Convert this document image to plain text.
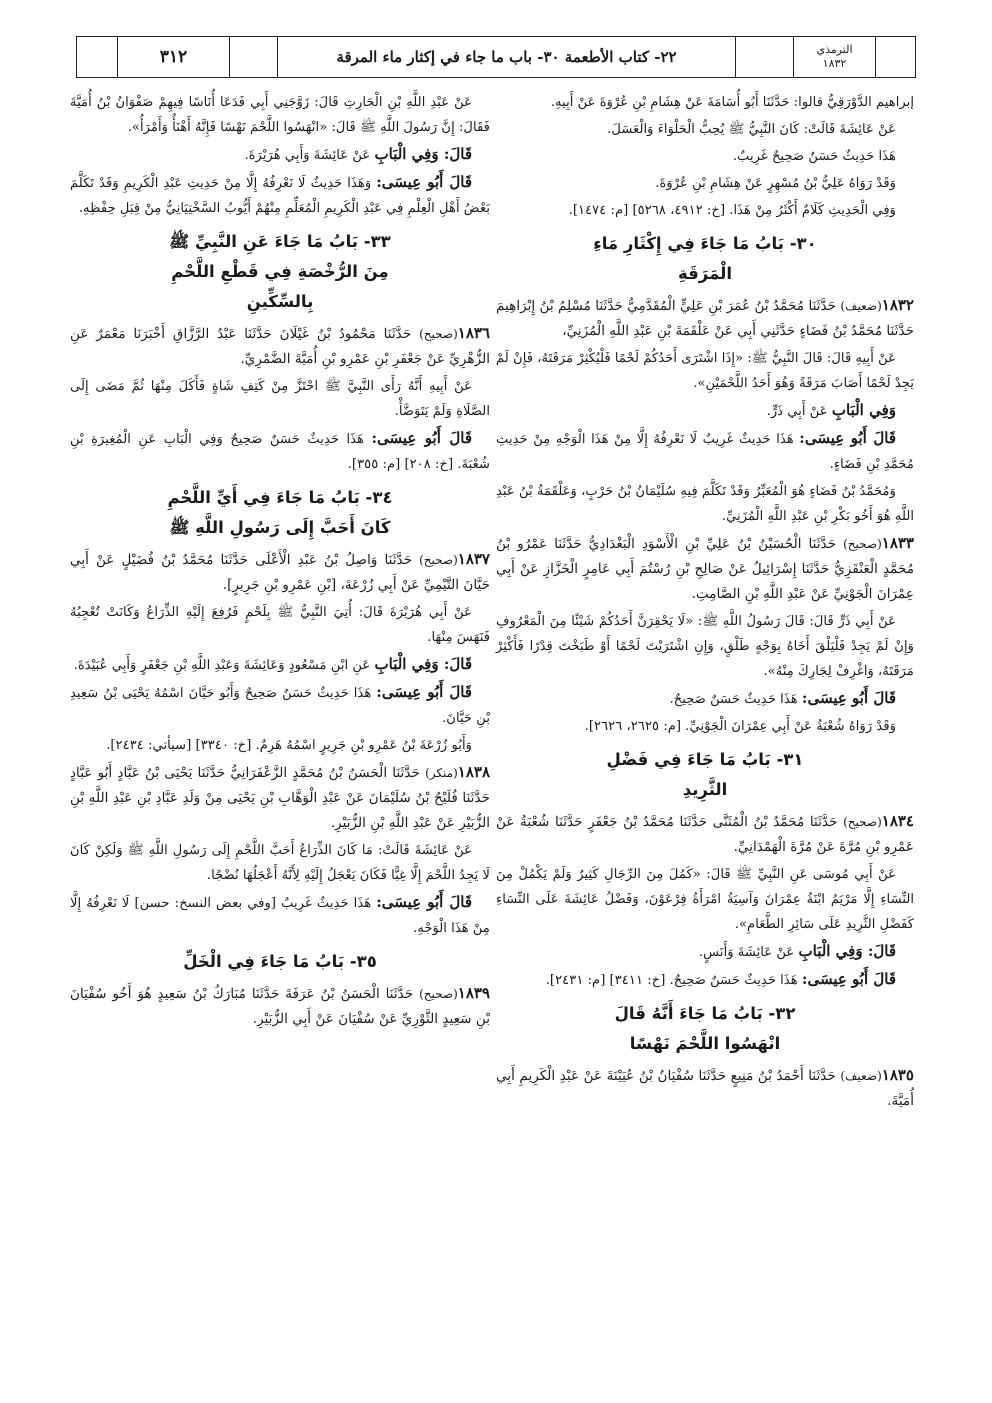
الترمذي
١٨٣٢
٢٢- كتاب الأطعمة ٣٠- باب ما جاء في إكثار ماء المرقة
٣١٢

إبراهيم الدَّوْرَقِيُّ قالوا: حَدَّثَنَا أَبُو أُسَامَةَ عَنْ هِشَامِ بْنِ عُرْوَةَ عَنْ أَبِيهِ.

عَنْ عَائِشَةَ قَالَتْ: كَانَ النَّبِيُّ ﷺ يُحِبُّ الْحَلْوَاءَ وَالْعَسَلَ.

هَذَا حَدِيثٌ حَسَنٌ صَحِيحٌ غَرِيبٌ.

وَقَدْ رَوَاهُ عَلِيُّ بْنُ مُسْهِرٍ عَنْ هِشَامِ بْنِ عُرْوَةَ.

وَفِي الْحَدِيثِ كَلَامٌ أَكْثَرُ مِنْ هَذَا. [خ: ٤٩١٢، ٥٢٦٨] [م: ١٤٧٤].

٣٠- بَابُ مَا جَاءَ فِي إِكْثَارِ مَاءِ
الْمَرَقَةِ

١٨٣٢(ضعيف) حَدَّثَنَا مُحَمَّدُ بْنُ عُمَرَ بْنِ عَلِيٍّ الْمُقَدَّمِيُّ حَدَّثَنَا مُسْلِمُ بْنُ إِبْرَاهِيمَ حَدَّثَنَا مُحَمَّدُ بْنُ فَضَاءٍ حَدَّثَنِي أَبِي عَنْ عَلْقَمَةَ بْنِ عَبْدِ اللَّهِ الْمُزَنِيِّ،

عَنْ أَبِيهِ قَالَ: قَالَ النَّبِيُّ ﷺ: «إِذَا اشْتَرَى أَحَدُكُمْ لَحْمًا فَلْيُكْثِرْ مَرَقَتَهُ، فَإِنْ لَمْ يَجِدْ لَحْمًا أَصَابَ مَرَقَةً وَهُوَ أَحَدُ اللَّحْمَيْنِ».

وَفِي الْبَابِ عَنْ أَبِي ذَرٍّ.

قَالَ أَبُو عِيسَى: هَذَا حَدِيثٌ غَرِيبٌ لَا نَعْرِفُهُ إِلَّا مِنْ هَذَا الْوَجْهِ مِنْ حَدِيثِ مُحَمَّدِ بْنِ فَضَاءٍ.

وَمُحَمَّدُ بْنُ فَضَاءٍ هُوَ الْمُعَبِّرُ وَقَدْ تَكَلَّمَ فِيهِ سُلَيْمَانُ بْنُ حَرْبٍ، وَعَلْقَمَةُ بْنُ عَبْدِ اللَّهِ هُوَ أَخُو بَكْرِ بْنِ عَبْدِ اللَّهِ الْمُزَنِيِّ.

١٨٣٣(صحيح) حَدَّثَنَا الْحُسَيْنُ بْنُ عَلِيِّ بْنِ الْأَسْوَدِ الْبَغْدَادِيُّ حَدَّثَنَا عَمْرُو بْنُ مُحَمَّدٍ الْعَنْقَزِيُّ حَدَّثَنَا إِسْرَائِيلُ عَنْ صَالِحِ بْنِ رُسْتُمَ أَبِي عَامِرٍ الْخَزَّازِ عَنْ أَبِي عِمْرَانَ الْجَوْنِيِّ عَنْ عَبْدِ اللَّهِ بْنِ الصَّامِتِ.

عَنْ أَبِي ذَرٍّ قَالَ: قَالَ رَسُولُ اللَّهِ ﷺ: «لَا يَحْقِرَنَّ أَحَدُكُمْ شَيْئًا مِنَ الْمَعْرُوفِ وَإِنْ لَمْ يَجِدْ فَلْيَلْقَ أَخَاهُ بِوَجْهٍ طَلْقٍ، وَإِنِ اشْتَرَيْتَ لَحْمًا أَوْ طَبَخْتَ قِدْرًا فَأَكْثِرْ مَرَقَتَهُ، وَاغْرِفْ لِجَارِكَ مِنْهُ».

قَالَ أَبُو عِيسَى: هَذَا حَدِيثٌ حَسَنٌ صَحِيحٌ.

وَقَدْ رَوَاهُ شُعْبَةُ عَنْ أَبِي عِمْرَانَ الْجَوْنِيِّ. [م: ٢٦٢٥، ٢٦٢٦].

٣١- بَابُ مَا جَاءَ فِي فَضْلِ
الثَّرِيدِ

١٨٣٤(صحيح) حَدَّثَنَا مُحَمَّدُ بْنُ الْمُثَنَّى حَدَّثَنَا مُحَمَّدُ بْنُ جَعْفَرٍ حَدَّثَنَا شُعْبَةُ عَنْ عَمْرِو بْنِ مُرَّةَ عَنْ مُرَّةَ الْهَمْدَانِيِّ.

عَنْ أَبِي مُوسَى عَنِ النَّبِيِّ ﷺ قَالَ: «كَمُلَ مِنَ الرِّجَالِ كَثِيرٌ وَلَمْ يَكْمُلْ مِنَ النِّسَاءِ إِلَّا مَرْيَمُ ابْنَةُ عِمْرَانَ وَآسِيَةُ امْرَأَةُ فِرْعَوْنَ، وَفَضْلُ عَائِشَةَ عَلَى النِّسَاءِ كَفَضْلِ الثَّرِيدِ عَلَى سَائِرِ الطَّعَامِ».

قَالَ: وَفِي الْبَابِ عَنْ عَائِشَةَ وَأَنَسٍ.

قَالَ أَبُو عِيسَى: هَذَا حَدِيثٌ حَسَنٌ صَحِيحٌ. [خ: ٣٤١١] [م: ٢٤٣١].

٣٢- بَابُ مَا جَاءَ أَنَّهُ قَالَ
انْهَسُوا اللَّحْمَ نَهْسًا

١٨٣٥(ضعيف) حَدَّثَنَا أَحْمَدُ بْنُ مَنِيعٍ حَدَّثَنَا سُفْيَانُ بْنُ عُيَيْنَةَ عَنْ عَبْدِ الْكَرِيمِ أَبِي أُمَيَّةَ.

عَنْ عَبْدِ اللَّهِ بْنِ الْحَارِثِ قَالَ: زَوَّجَنِي أَبِي فَدَعَا أُنَاسًا فِيهِمْ صَفْوَانُ بْنُ أُمَيَّةَ فَقَالَ: إِنَّ رَسُولَ اللَّهِ ﷺ قَالَ: «انْهَسُوا اللَّحْمَ نَهْسًا فَإِنَّهُ أَهْنَأُ وَأَمْرَأُ».

قَالَ: وَفِي الْبَابِ عَنْ عَائِشَةَ وَأَبِي هُرَيْرَةَ.

قَالَ أَبُو عِيسَى: وَهَذَا حَدِيثٌ لَا نَعْرِفُهُ إِلَّا مِنْ حَدِيثِ عَبْدِ الْكَرِيمِ وَقَدْ تَكَلَّمَ بَعْضُ أَهْلِ الْعِلْمِ فِي عَبْدِ الْكَرِيمِ الْمُعَلِّمِ مِنْهُمْ أَيُّوبُ السَّخْتِيَانِيُّ مِنْ قِبَلِ حِفْظِهِ.

٣٣- بَابُ مَا جَاءَ عَنِ النَّبِيِّ ﷺ
مِنَ الرُّخْصَةِ فِي قَطْعِ اللَّحْمِ
بِالسِّكِّينِ

١٨٣٦(صحيح) حَدَّثَنَا مَحْمُودُ بْنُ غَيْلَانَ حَدَّثَنَا عَبْدُ الرَّزَّاقِ أَخْبَرَنَا مَعْمَرٌ عَنِ الزُّهْرِيِّ عَنْ جَعْفَرِ بْنِ عَمْرِو بْنِ أُمَيَّةَ الضَّمْرِيِّ.

عَنْ أَبِيهِ أَنَّهُ رَأَى النَّبِيَّ ﷺ احْتَزَّ مِنْ كَتِفِ شَاةٍ فَأَكَلَ مِنْهَا ثُمَّ مَضَى إِلَى الصَّلَاةِ وَلَمْ يَتَوَضَّأْ.

قَالَ أَبُو عِيسَى: هَذَا حَدِيثٌ حَسَنٌ صَحِيحٌ وَفِي الْبَابِ عَنِ الْمُغِيرَةِ بْنِ شُعْبَةَ. [خ: ٢٠٨] [م: ٣٥٥].

٣٤- بَابُ مَا جَاءَ فِي أَيِّ اللَّحْمِ
كَانَ أَحَبَّ إِلَى رَسُولِ اللَّهِ ﷺ

١٨٣٧(صحيح) حَدَّثَنَا وَاصِلُ بْنُ عَبْدِ الْأَعْلَى حَدَّثَنَا مُحَمَّدُ بْنُ فُضَيْلٍ عَنْ أَبِي حَيَّانَ التَّيْمِيِّ عَنْ أَبِي زُرْعَةَ، [بْنِ عَمْرِو بْنِ جَرِيرٍ].

عَنْ أَبِي هُرَيْرَةَ قَالَ: أُتِيَ النَّبِيُّ ﷺ بِلَحْمٍ فَرُفِعَ إِلَيْهِ الذِّرَاعُ وَكَانَتْ تُعْجِبُهُ فَنَهَسَ مِنْهَا.

قَالَ: وَفِي الْبَابِ عَنِ ابْنِ مَسْعُودٍ وَعَائِشَةَ وَعَبْدِ اللَّهِ بْنِ جَعْفَرٍ وَأَبِي عُبَيْدَةَ.

قَالَ أَبُو عِيسَى: هَذَا حَدِيثٌ حَسَنٌ صَحِيحٌ وَأَبُو حَيَّانَ اسْمُهُ يَحْيَى بْنُ سَعِيدِ بْنِ حَيَّانَ.

وَأَبُو زُرْعَةَ بْنُ عَمْرِو بْنِ جَرِيرٍ اسْمُهُ هَرِمٌ. [خ: ٣٣٤٠] [سيأتي: ٢٤٣٤].

١٨٣٨(منكر) حَدَّثَنَا الْحَسَنُ بْنُ مُحَمَّدٍ الزَّعْفَرَانِيُّ حَدَّثَنَا يَحْيَى بْنُ عَبَّادٍ أَبُو عَبَّادٍ حَدَّثَنَا فُلَيْحُ بْنُ سُلَيْمَانَ عَنْ عَبْدِ الْوَهَّابِ بْنِ يَحْيَى مِنْ وَلَدِ عَبَّادِ بْنِ عَبْدِ اللَّهِ بْنِ الزُّبَيْرِ عَنْ عَبْدِ اللَّهِ بْنِ الزُّبَيْرِ.

عَنْ عَائِشَةَ قَالَتْ: مَا كَانَ الذِّرَاعُ أَحَبَّ اللَّحْمِ إِلَى رَسُولِ اللَّهِ ﷺ وَلَكِنْ كَانَ لَا يَجِدُ اللَّحْمَ إِلَّا غِبًّا فَكَانَ يَعْجَلُ إِلَيْهِ لِأَنَّهُ أَعْجَلُهَا نُضْجًا.

قَالَ أَبُو عِيسَى: هَذَا حَدِيثٌ غَرِيبٌ [وفي بعض النسخ: حسن] لَا نَعْرِفُهُ إِلَّا مِنْ هَذَا الْوَجْهِ.

٣٥- بَابُ مَا جَاءَ فِي الْخَلِّ

١٨٣٩(صحيح) حَدَّثَنَا الْحَسَنُ بْنُ عَرَفَةَ حَدَّثَنَا مُبَارَكُ بْنُ سَعِيدٍ هُوَ أَخُو سُفْيَانَ بْنِ سَعِيدٍ الثَّوْرِيِّ عَنْ سُفْيَانَ عَنْ أَبِي الزُّبَيْرِ.
